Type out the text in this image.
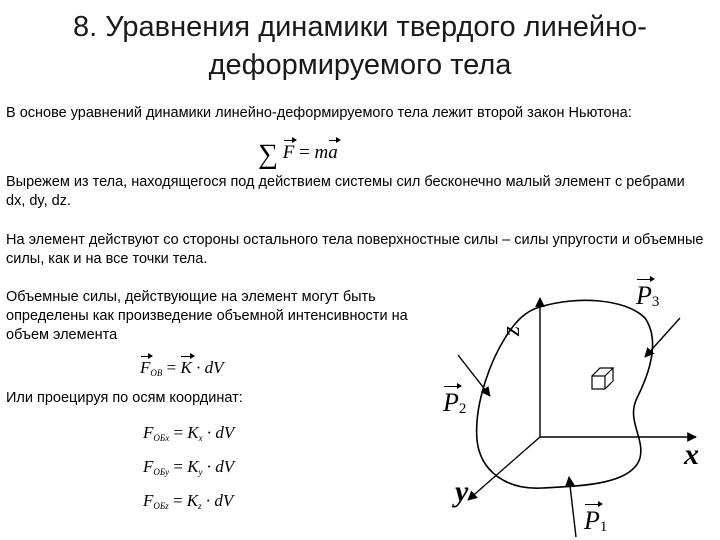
8. Уравнения динамики твердого линейно-
деформируемого тела
В основе уравнений динамики линейно-деформируемого тела лежит второй закон Ньютона:
∑ F = ma
Вырежем из тела, находящегося под действием системы сил бесконечно малый элемент с ребрами dx, dy, dz.
На элемент действуют со стороны остального тела поверхностные силы – силы упругости и объемные силы, как и на все точки тела.
Объемные силы, действующие на элемент могут быть определены как произведение объемной интенсивности на объем элемента
$F_{ОВ} = K$ · dV
Или проецируя по осям координат:
$F_{ОБх} = K_x$ · dV
$F_{ОБу} = K_y$ · dV
$F_{ОБz} = K_z$ · dV
P3
P2
P1
z
x
y
